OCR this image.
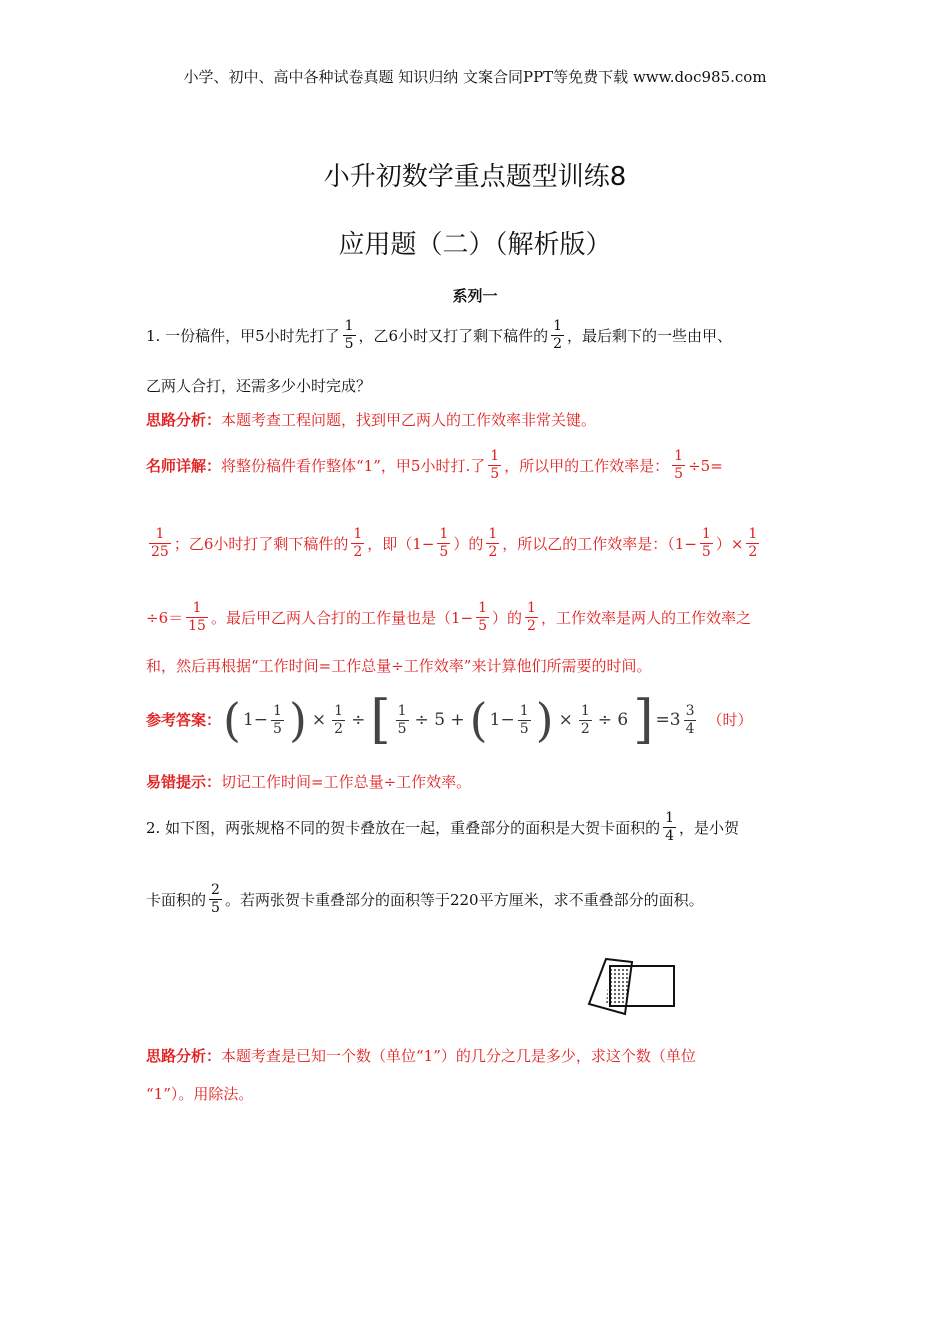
小学、初中、高中各种试卷真题 知识归纳 文案合同PPT等免费下载 www.doc985.com
小升初数学重点题型训练8
应用题（二）（解析版）
系列一
1. 一份稿件，甲5小时先打了 $\frac{1}{5}$ ，乙6小时又打了剩下稿件的 $\frac{1}{2}$ ，最后剩下的一些由甲、
乙两人合打，还需多少小时完成？
思路分析： 本题考查工程问题，找到甲乙两人的工作效率非常关键。
名师详解： 将整份稿件看作整体“1”，甲5小时打.了 $\frac{1}{5}$ ，所以甲的工作效率是： $\frac{1}{5} \div 5=$
$\frac{1}{25}$ ；乙6小时打了剩下稿件的 $\frac{1}{2}$ ，即（$1- \frac{1}{5}$ ）的 $\frac{1}{2}$ ，所以乙的工作效率是：（$1- \frac{1}{5}$ ）× $\frac{1}{2}$
$\div 6= \frac{1}{15}$ 。最后甲乙两人合打的工作量也是（$1- \frac{1}{5}$ ）的 $\frac{1}{2}$ ，工作效率是两人的工作效率之
和，然后再根据“工作时间=工作总量÷工作效率”来计算他们所需要的时间。
参考答案： ( $1- \frac{1}{5}$ ) × $\frac{1}{2}$ ÷ [ $\frac{1}{5} \div 5$ + ( $1- \frac{1}{5}$ ) × $\frac{1}{2} \div 6$ ] $=3 \frac{3}{4}$ （时）
易错提示： 切记工作时间=工作总量÷工作效率。
2. 如下图，两张规格不同的贺卡叠放在一起，重叠部分的面积是大贺卡面积的 $\frac{1}{4}$ ，是小贺
卡面积的 $\frac{2}{5}$ 。若两张贺卡重叠部分的面积等于220平方厘米，求不重叠部分的面积。
思路分析： 本题考查是已知一个数（单位“1”）的几分之几是多少，求这个数（单位
“1”）。用除法。
